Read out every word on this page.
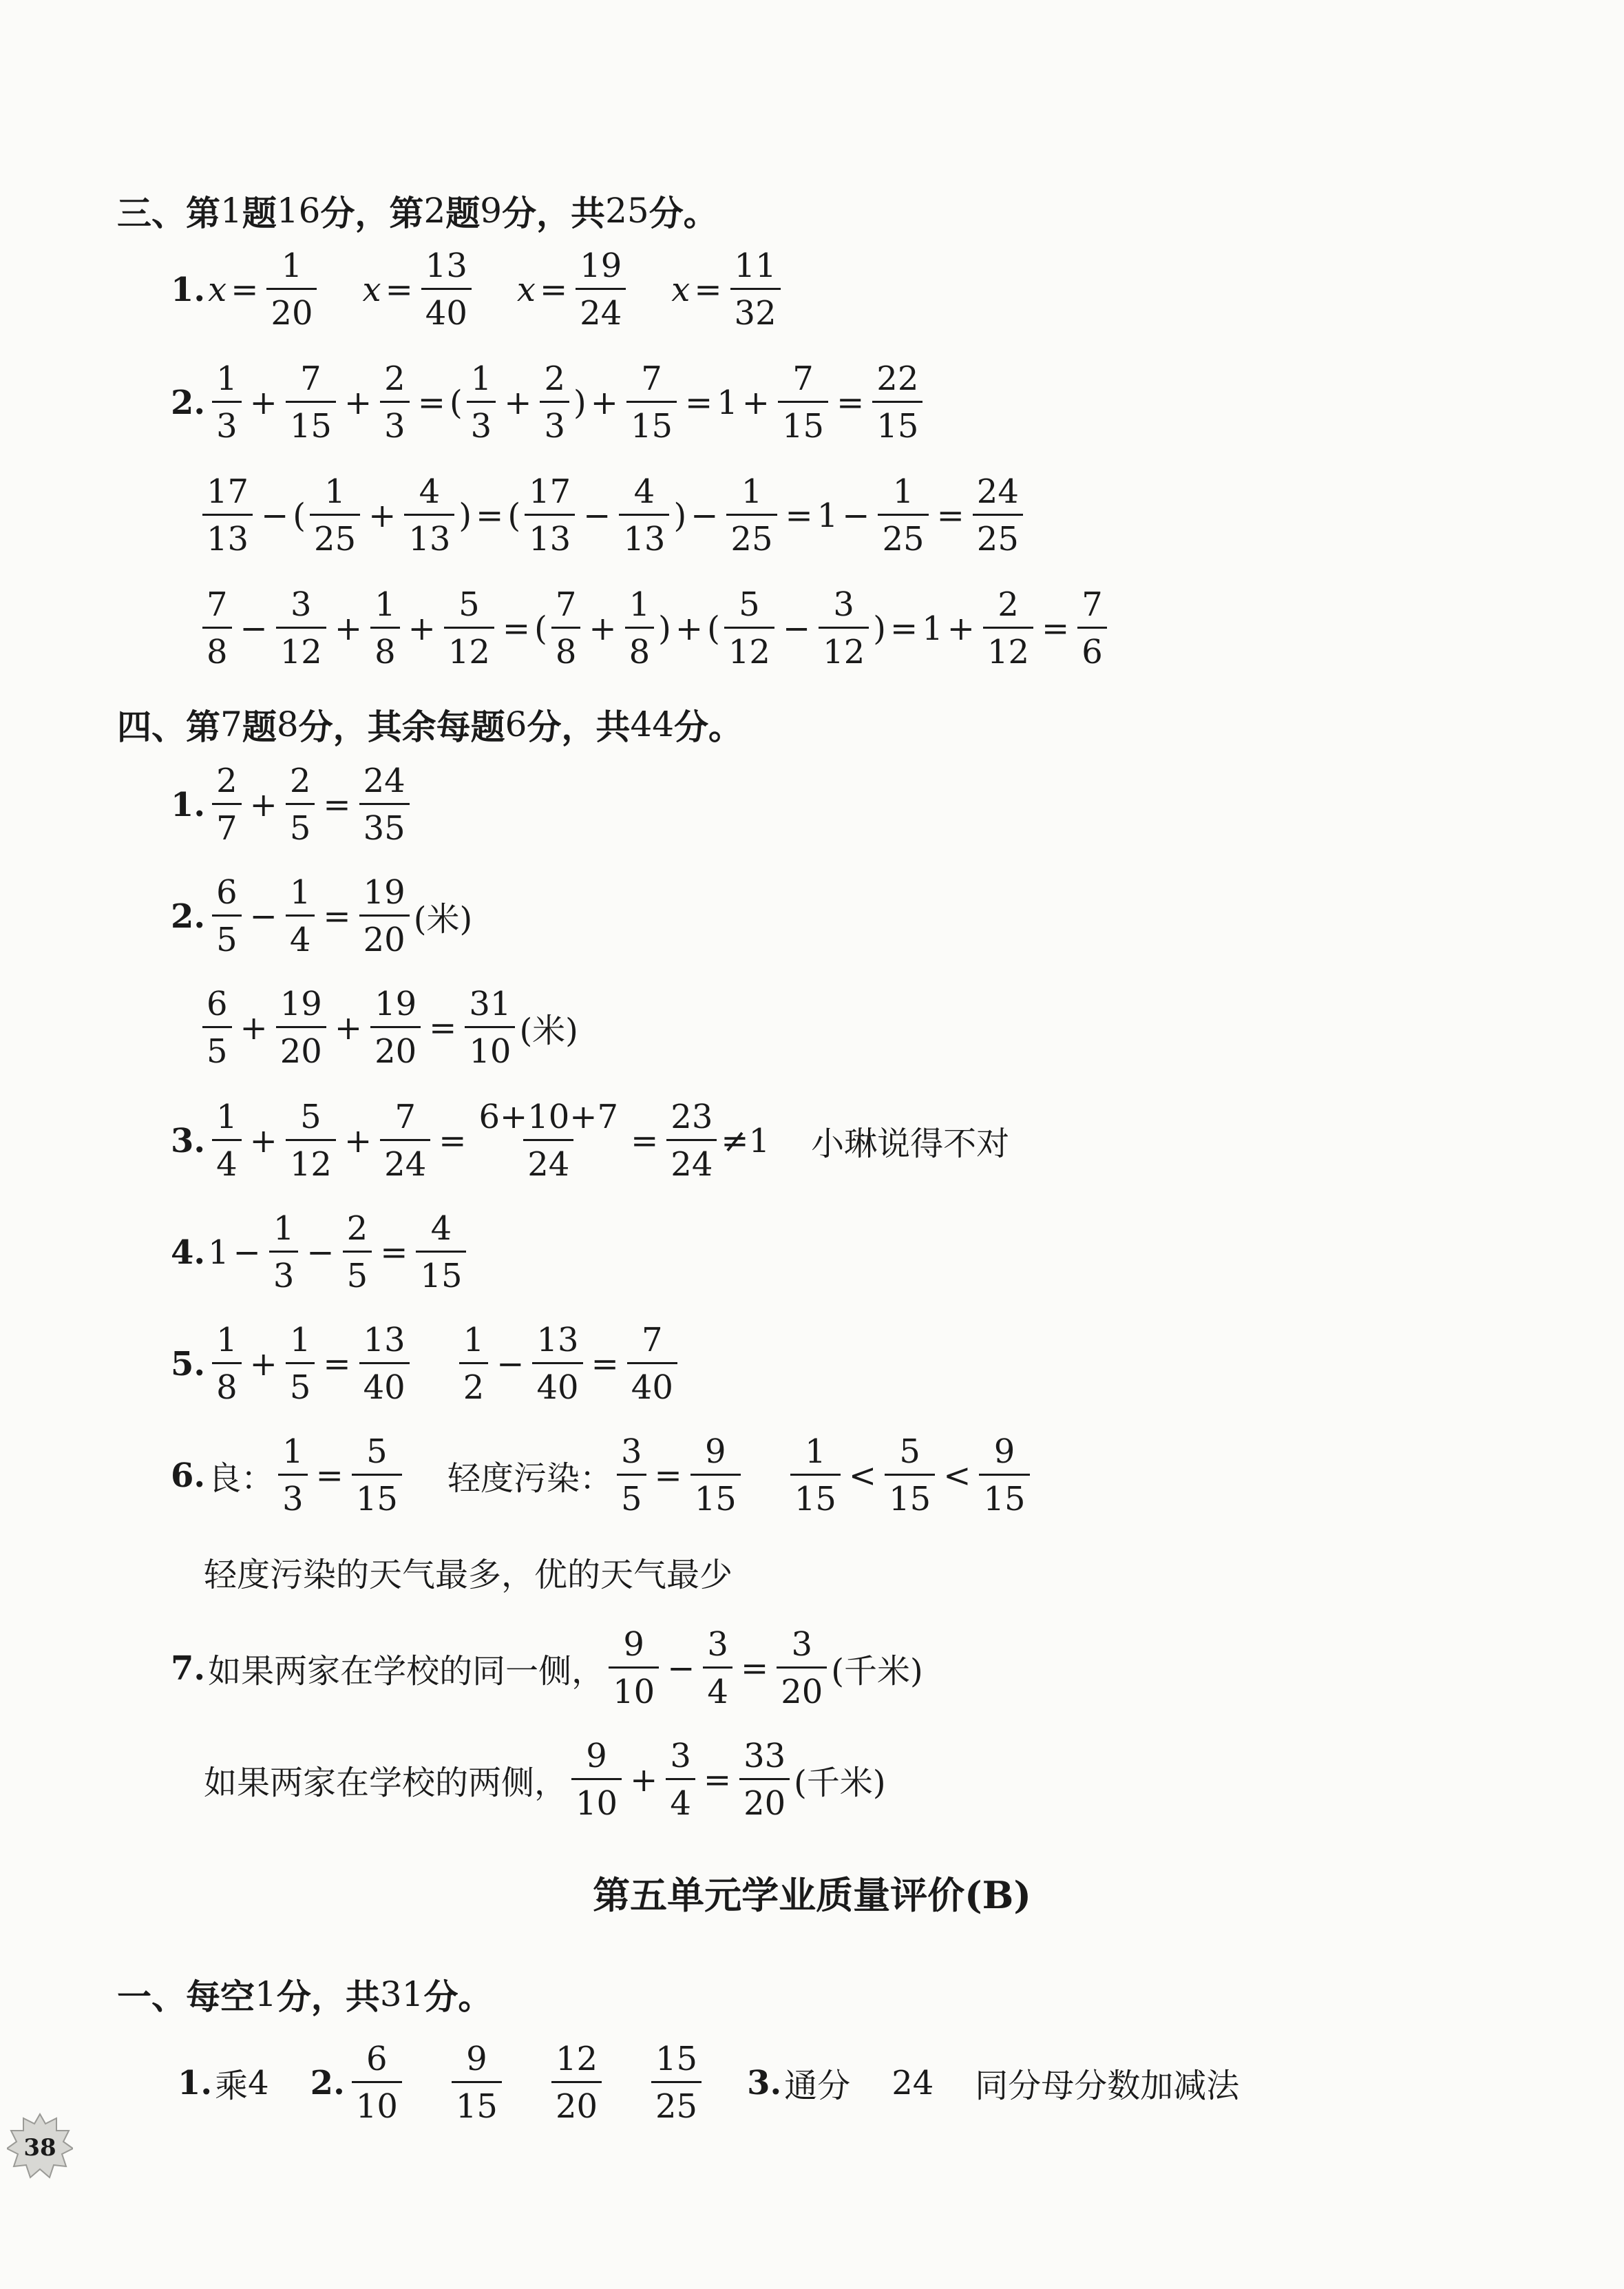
三、第 1 题 16 分，第 2 题 9 分，共 25 分。
1. $x = \frac{1}{20}$ $x = \frac{13}{40}$ $x = \frac{19}{24}$ $x = \frac{11}{32}$
2. $\frac{1}{3} + \frac{7}{15} + \frac{2}{3}$ = ( $\frac{1}{3} + \frac{2}{3}$ ) + $\frac{7}{15} = 1 + \frac{7}{15} = \frac{22}{15}$
$\frac{17}{13}$ − ( $\frac{1}{25} + \frac{4}{13}$ ) = ( $\frac{17}{13} - \frac{4}{13}$ ) − $\frac{1}{25} = 1 - \frac{1}{25} = \frac{24}{25}$
$\frac{7}{8} - \frac{3}{12} + \frac{1}{8} + \frac{5}{12}$ = ( $\frac{7}{8} + \frac{1}{8}$ ) + ( $\frac{5}{12} - \frac{3}{12}$ ) = $1 + \frac{2}{12} = \frac{7}{6}$
四、第 7 题 8 分，其余每题 6 分，共 44 分。
1. $\frac{2}{7} + \frac{2}{5} = \frac{24}{35}$
2. $\frac{6}{5} - \frac{1}{4} = \frac{19}{20}$ (米)
$\frac{6}{5} + \frac{19}{20} + \frac{19}{20} = \frac{31}{10}$ (米)
3. $\frac{1}{4} + \frac{5}{12} + \frac{7}{24} = \frac{6+10+7}{24} = \frac{23}{24} \ne 1$ 小琳说得不对
4. $1 - \frac{1}{3} - \frac{2}{5} = \frac{4}{15}$
5. $\frac{1}{8} + \frac{1}{5} = \frac{13}{40} \frac{1}{2} - \frac{13}{40} = \frac{7}{40}$
6. 良： $\frac{1}{3} = \frac{5}{15}$ 轻度污染： $\frac{3}{5} = \frac{9}{15} \frac{1}{15} < \frac{5}{15} < \frac{9}{15}$
轻度污染的天气最多，优的天气最少
7. 如果两家在学校的同一侧， $\frac{9}{10} - \frac{3}{4} = \frac{3}{20}$ (千米)
如果两家在学校的两侧， $\frac{9}{10} + \frac{3}{4} = \frac{33}{20}$ (千米)
第五单元学业质量评价(B)
一、每空 1 分，共 31 分。
1. 乘 4 2. $\frac{6}{10} \frac{9}{15} \frac{12}{20} \frac{15}{25} 3$. 通分 24 同分母分数加减法
38
